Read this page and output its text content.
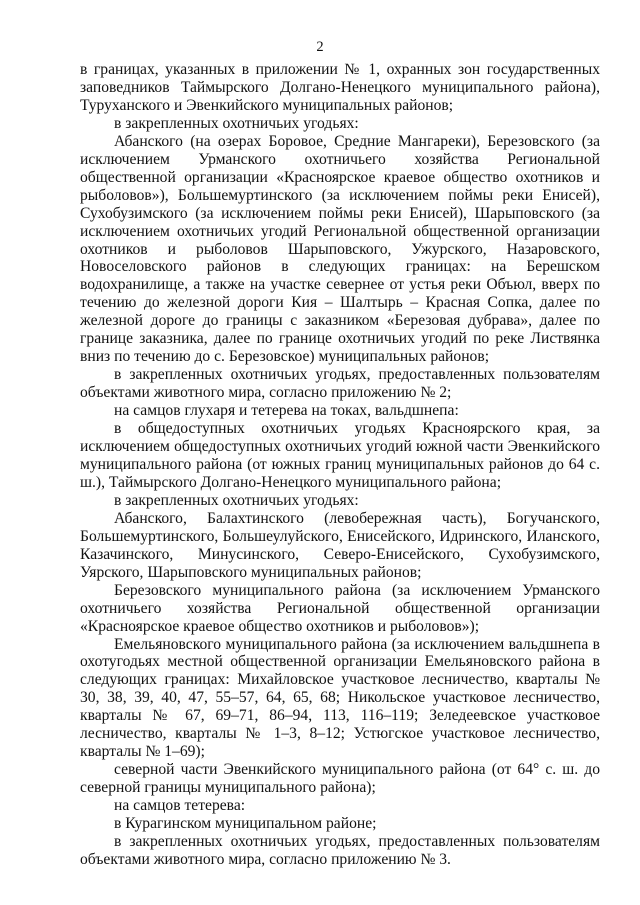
2

в границах, указанных в приложении № 1, охранных зон государственных заповедников Таймырского Долгано-Ненецкого муниципального района), Туруханского и Эвенкийского муниципальных районов;

в закрепленных охотничьих угодьях:

Абанского (на озерах Боровое, Средние Мангареки), Березовского (за исключением Урманского охотничьего хозяйства Региональной общественной организации «Красноярское краевое общество охотников и рыболовов»), Большемуртинского (за исключением поймы реки Енисей), Сухобузимского (за исключением поймы реки Енисей), Шарыповского (за исключением охотничьих угодий Региональной общественной организации охотников и рыболовов Шарыповского, Ужурского, Назаровского, Новоселовского районов в следующих границах: на Берешском водохранилище, а также на участке севернее от устья реки Объюл, вверх по течению до железной дороги Кия – Шалтырь – Красная Сопка, далее по железной дороге до границы с заказником «Березовая дубрава», далее по границе заказника, далее по границе охотничьих угодий по реке Листвянка вниз по течению до с. Березовское) муниципальных районов;

в закрепленных охотничьих угодьях, предоставленных пользователям объектами животного мира, согласно приложению № 2;

на самцов глухаря и тетерева на токах, вальдшнепа:

в общедоступных охотничьих угодьях Красноярского края, за исключением общедоступных охотничьих угодий южной части Эвенкийского муниципального района (от южных границ муниципальных районов до 64 с. ш.), Таймырского Долгано-Ненецкого муниципального района;

в закрепленных охотничьих угодьях:

Абанского, Балахтинского (левобережная часть), Богучанского, Большемуртинского, Большеулуйского, Енисейского, Идринского, Иланского, Казачинского, Минусинского, Северо-Енисейского, Сухобузимского, Уярского, Шарыповского муниципальных районов;

Березовского муниципального района (за исключением Урманского охотничьего хозяйства Региональной общественной организации «Красноярское краевое общество охотников и рыболовов»);

Емельяновского муниципального района (за исключением вальдшнепа в охотугодьях местной общественной организации Емельяновского района в следующих границах: Михайловское участковое лесничество, кварталы № 30, 38, 39, 40, 47, 55–57, 64, 65, 68; Никольское участковое лесничество, кварталы № 67, 69–71, 86–94, 113, 116–119; Зеледеевское участковое лесничество, кварталы № 1–3, 8–12; Устюгское участковое лесничество, кварталы № 1–69);

северной части Эвенкийского муниципального района (от 64° с. ш. до северной границы муниципального района);

на самцов тетерева:

в Курагинском муниципальном районе;

в закрепленных охотничьих угодьях, предоставленных пользователям объектами животного мира, согласно приложению № 3.
